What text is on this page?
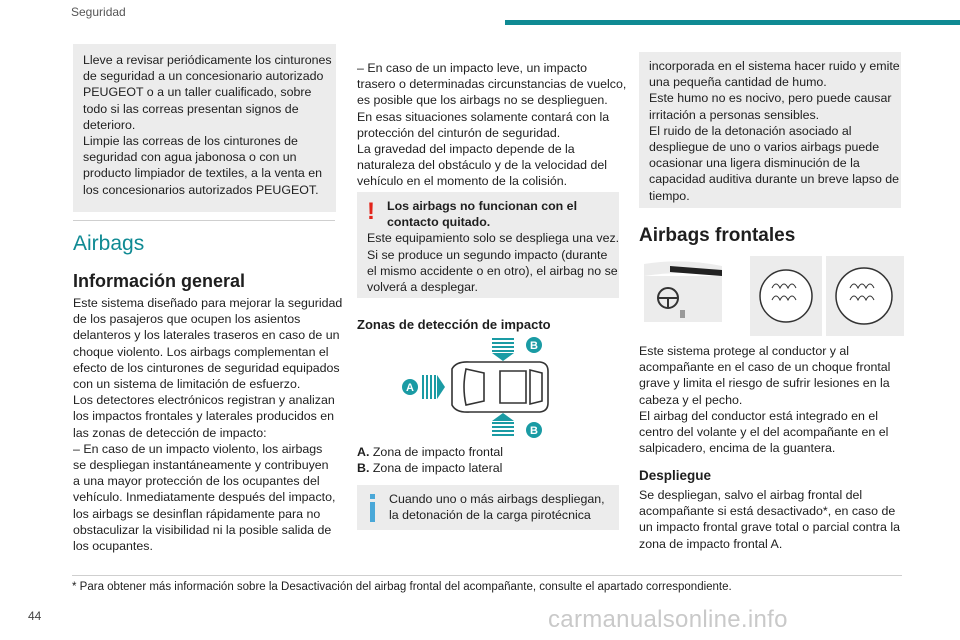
Seguridad
Lleve a revisar periódicamente los cinturones
de seguridad a un concesionario autorizado
PEUGEOT o a un taller cualificado, sobre
todo si las correas presentan signos de
deterioro.
Limpie las correas de los cinturones de
seguridad con agua jabonosa o con un
producto limpiador de textiles, a la venta en
los concesionarios autorizados PEUGEOT.
Airbags
Información general
Este sistema diseñado para mejorar la seguridad
de los pasajeros que ocupen los asientos
delanteros y los laterales traseros en caso de un
choque violento. Los airbags complementan el
efecto de los cinturones de seguridad equipados
con un sistema de limitación de esfuerzo.
Los detectores electrónicos registran y analizan
los impactos frontales y laterales producidos en
las zonas de detección de impacto:
– En caso de un impacto violento, los airbags
se despliegan instantáneamente y contribuyen
a una mayor protección de los ocupantes del
vehículo. Inmediatamente después del impacto,
los airbags se desinflan rápidamente para no
obstaculizar la visibilidad ni la posible salida de
los ocupantes.
– En caso de un impacto leve, un impacto
trasero o determinadas circunstancias de vuelco,
es posible que los airbags no se desplieguen.
En esas situaciones solamente contará con la
protección del cinturón de seguridad.
La gravedad del impacto depende de la
naturaleza del obstáculo y de la velocidad del
vehículo en el momento de la colisión.
! Los airbags no funcionan con el
contacto quitado.
Este equipamiento solo se despliega una vez.
Si se produce un segundo impacto (durante
el mismo accidente o en otro), el airbag no se
volverá a desplegar.
Zonas de detección de impacto
A
B
B
A. Zona de impacto frontal
B. Zona de impacto lateral
Cuando uno o más airbags despliegan,
la detonación de la carga pirotécnica
incorporada en el sistema hacer ruido y emite
una pequeña cantidad de humo.
Este humo no es nocivo, pero puede causar
irritación a personas sensibles.
El ruido de la detonación asociado al
despliegue de uno o varios airbags puede
ocasionar una ligera disminución de la
capacidad auditiva durante un breve lapso de
tiempo.
Airbags frontales
Este sistema protege al conductor y al
acompañante en el caso de un choque frontal
grave y limita el riesgo de sufrir lesiones en la
cabeza y el pecho.
El airbag del conductor está integrado en el
centro del volante y el del acompañante en el
salpicadero, encima de la guantera.
Despliegue
Se despliegan, salvo el airbag frontal del
acompañante si está desactivado*, en caso de
un impacto frontal grave total o parcial contra la
zona de impacto frontal A.
* Para obtener más información sobre la Desactivación del airbag frontal del acompañante, consulte el apartado correspondiente.
44	carmanualsonline.info
